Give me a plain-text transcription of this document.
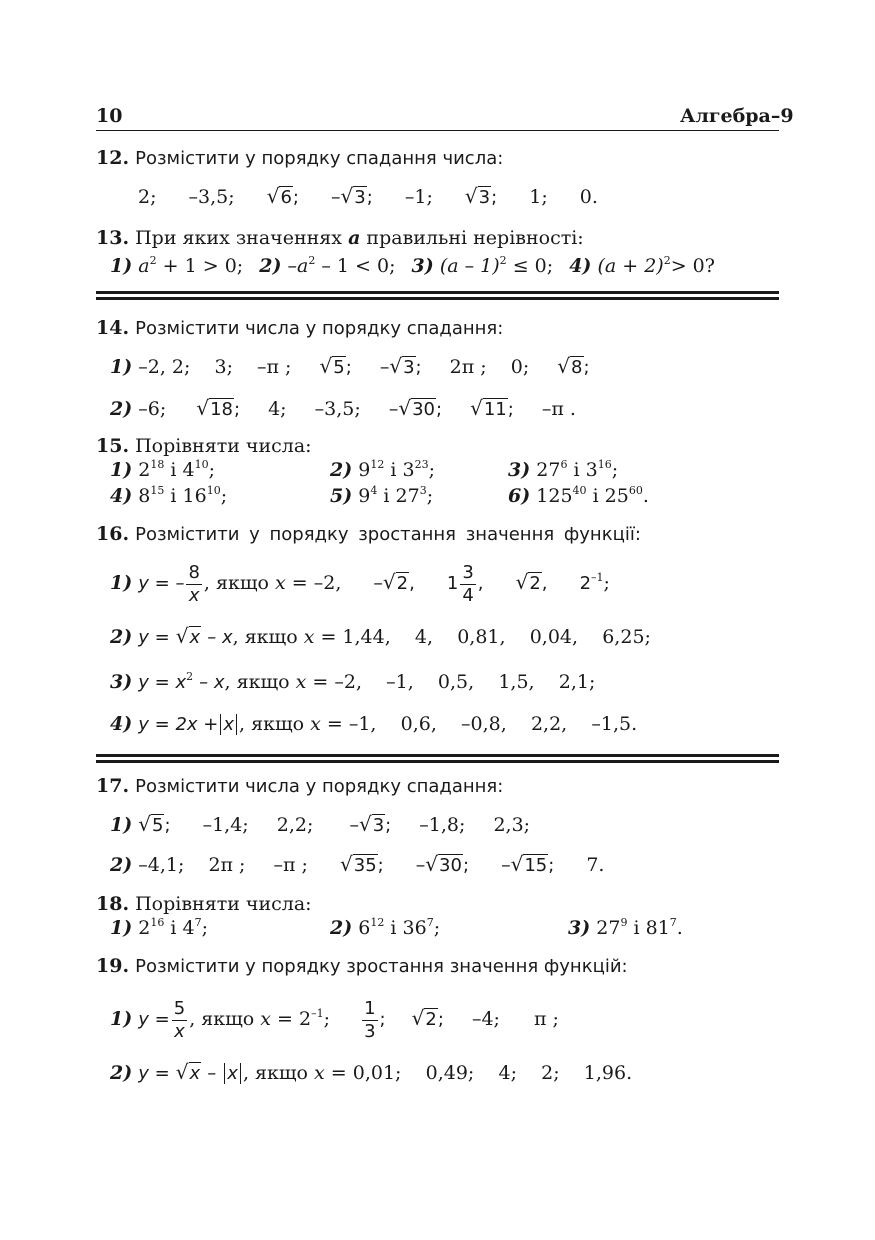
10	Алгебра–9
12. Розмістити у порядку спадання числа:
2; –3,5; √6; –√3; –1; √3; 1; 0.
13. При яких значеннях a правильні нерівності:
1) $a^2 + 1 > 0$; 2) $-a^2 - 1 < 0$; 3) (a – 1)$^2$ ≤ 0; 4) $(a + 2)^2> 0$?
14. Розмістити числа у порядку спадання:
1) –2, 2; 3; –π ; √5; –√3; 2π ; 0; √8;
2) –6; √18; 4; –3,5; –√30; √11; –π .
15. Порівняти числа:
1) $2^{18}$ і $4^{10}$;	2) $9^{12}$ і $3^{23}$;	3) $27^6$ і $3^{16}$;
4) $8^{15}$ і $16^{10}$;	5) $9^4$ і $27^3$;	6) $125^{40}$ і $25^{60}$.
16. Розмістити у порядку зростання значення функції:
1) y = – $\frac{8}{x}$ , якщо x = –2, –√2, $1 \frac{3}{4}$ , √2, $2^{-1}$;
2) y = √x – x, якщо x = 1,44,    4,    0,81,    0,04,    6,25;
3) $y = x^2 - x$, якщо x = –2,    –1,    0,5,    1,5,    2,1;
4) y = 2x + x , якщо x = –1,    0,6,    –0,8,    2,2,    –1,5.
17. Розмістити числа у порядку спадання:
1) √5; –1,4; 2,2; –√3; –1,8; 2,3;
2) –4,1; 2π ; –π ; √35; –√30; –√15; 7.
18. Порівняти числа:
1) $2^{16}$ і $4^7$;	2) $6^{12}$ і $36^7$;	3) $27^9$ і $81^7$.
19. Розмістити у порядку зростання значення функцій:
1) $y = \frac{5}{x}$ , якщо $x = 2^{-1}$; $\frac{1}{3}$ ; √2; –4; π ;
2) y = √x – x , якщо x = 0,01;    0,49;    4;    2;    1,96.
